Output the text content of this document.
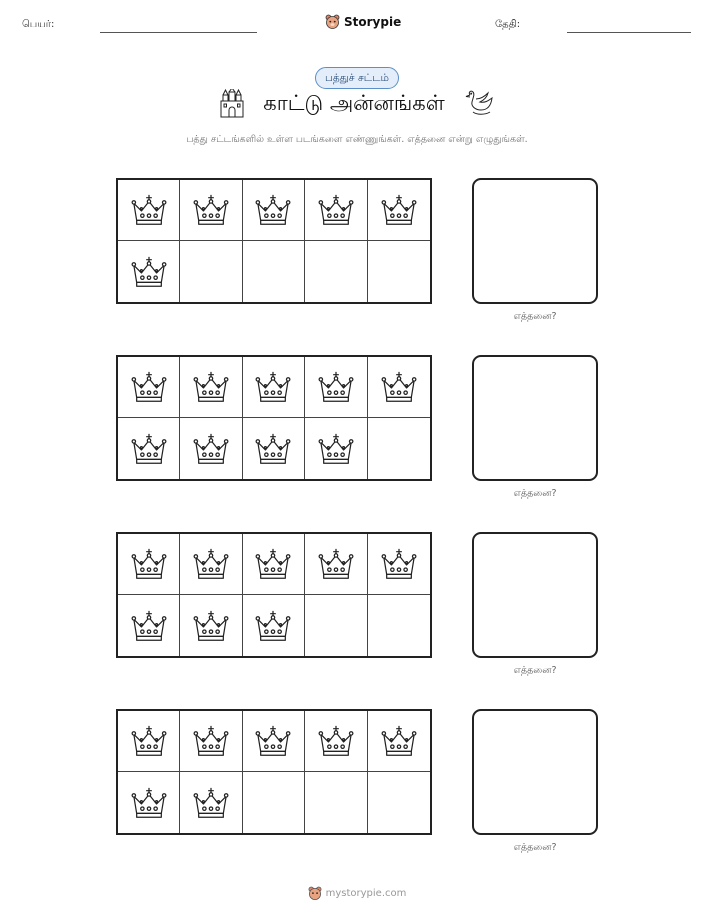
பெயர்:	Storypie	தேதி:
பத்துச் சட்டம்
காட்டு அன்னங்கள்
பத்து சட்டங்களில் உள்ள படங்களை எண்ணுங்கள். எத்தனை என்று எழுதுங்கள்.
எத்தனை?
எத்தனை?
எத்தனை?
எத்தனை?
mystorypie.com
